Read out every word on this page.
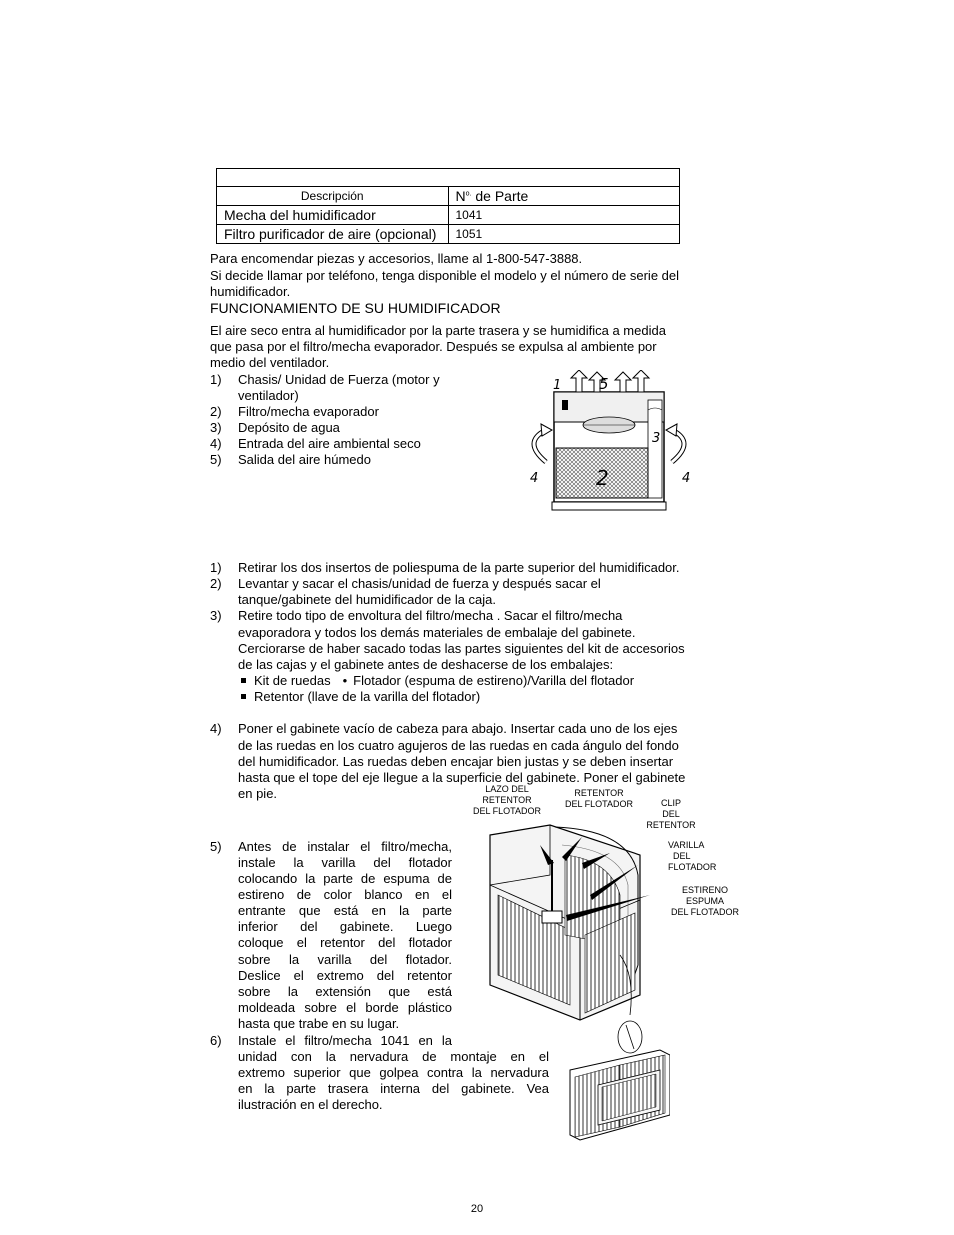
Descripción	$N^{o.}$ de Parte
Mecha del humidificador	1041
Filtro purificador de aire (opcional)	1051
Para encomendar piezas y accesorios, llame al 1-800-547-3888.
Si decide llamar por teléfono, tenga disponible el modelo y el número de serie del
humidificador.
FUNCIONAMIENTO DE SU HUMIDIFICADOR
El aire seco entra al humidificador por la parte trasera y se humidifica a medida
que pasa por el filtro/mecha evaporador. Después se expulsa al ambiente por
medio del ventilador.
1)	Chasis/ Unidad de Fuerza (motor y
ventilador)
2)	Filtro/mecha evaporador
3)	Depósito de agua
4)	Entrada del aire ambiental seco
5)	Salida del aire húmedo
1	5
3
2
4	4
1)	Retirar los dos insertos de poliespuma de la parte superior del humidificador.
2)	Levantar y sacar el chasis/unidad de fuerza y después sacar el
tanque/gabinete del humidificador de la caja.
3)	Retire todo tipo de envoltura del filtro/mecha . Sacar el filtro/mecha
evaporadora y todos los demás materiales de embalaje del gabinete.
Cerciorarse de haber sacado todas las partes siguientes del kit de accesorios
de las cajas y el gabinete antes de deshacerse de los embalajes:
Kit de ruedas • Flotador (espuma de estireno)/Varilla del flotador
Retentor (llave de la varilla del flotador)
4)	Poner el gabinete vacío de cabeza para abajo. Insertar cada uno de los ejes
de las ruedas en los cuatro agujeros de las ruedas en cada ángulo del fondo
del humidificador. Las ruedas deben encajar bien justas y se deben insertar
hasta que el tope del eje llegue a la superficie del gabinete. Poner el gabinete
en pie.
5)	Antes de instalar el filtro/mecha,
instale la varilla del flotador
colocando la parte de espuma de
estireno de color blanco en el
entrante que está en la parte
inferior del gabinete. Luego
coloque el retentor del flotador
sobre la varilla del flotador.
Deslice el extremo del retentor
sobre la extensión que está
moldeada sobre el borde plástico
hasta que trabe en su lugar.
6)	Instale el filtro/mecha 1041 en la
unidad con la nervadura de montaje en el
extremo superior que golpea contra la nervadura
en la parte trasera interna del gabinete. Vea
ilustración en el derecho.
LAZO DEL
RETENTOR
DEL FLOTADOR
RETENTOR
DEL FLOTADOR	CLIP
DEL
RETENTOR
VARILLA
DEL
FLOTADOR
ESTIRENO
ESPUMA
DEL FLOTADOR
20
